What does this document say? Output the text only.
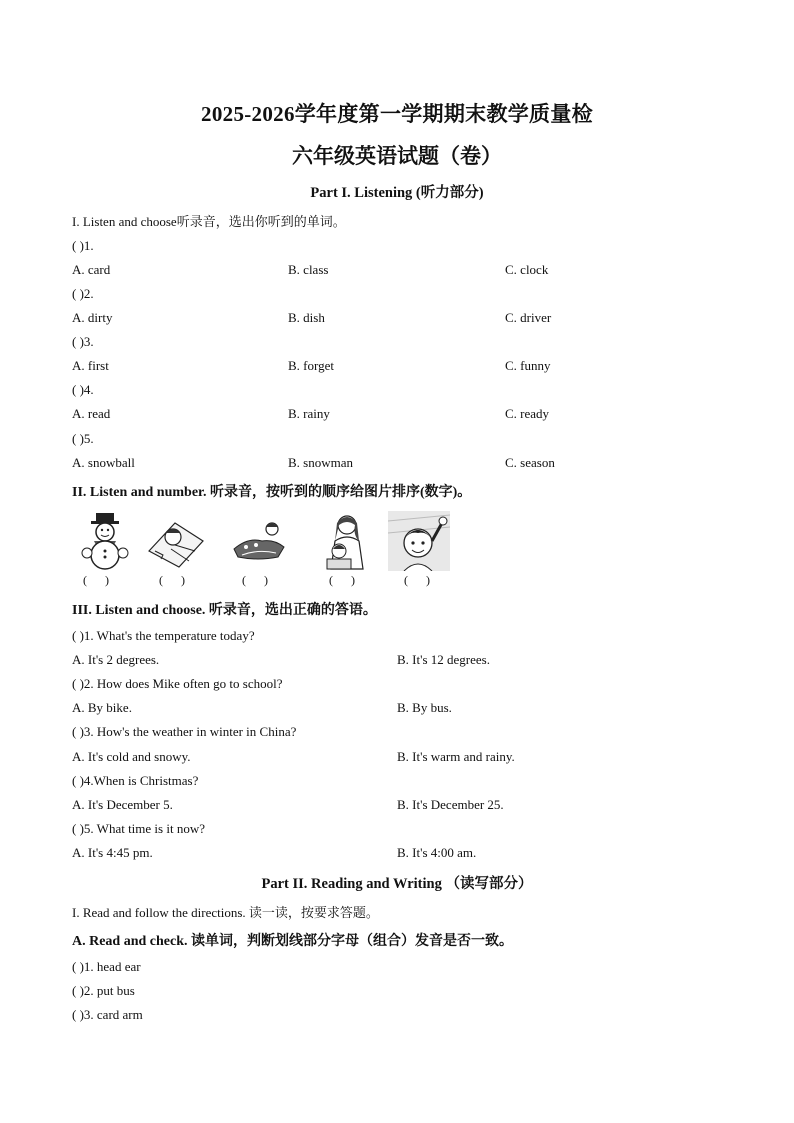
2025-2026学年度第一学期期末教学质量检
六年级英语试题（卷）
Part I. Listening (听力部分)
I. Listen and choose听录音，选出你听到的单词。
( )1.
A. card	B. class	C. clock
( )2.
A. dirty	B. dish	C. driver
( )3.
A. first	B. forget	C. funny
( )4.
A. read	B. rainy	C. ready
( )5.
A. snowball	B. snowman	C. season
II. Listen and number. 听录音，按听到的顺序给图片排序(数字)。
(      )	(      )	(      )	(      )	(      )
III. Listen and choose. 听录音，选出正确的答语。
( )1. What's the temperature today?
A. It's 2 degrees.	B. It's 12 degrees.
( )2. How does Mike often go to school?
A. By bike.	B. By bus.
( )3. How's the weather in winter in China?
A. It's cold and snowy.	B. It's warm and rainy.
( )4.When is Christmas?
A. It's December 5.	B. It's December 25.
( )5. What time is it now?
A. It's 4:45 pm.	B. It's 4:00 am.
Part II. Reading and Writing （读写部分）
I. Read and follow the directions. 读一读，按要求答题。
A. Read and check. 读单词，判断划线部分字母（组合）发音是否一致。
( )1. head ear
( )2. put bus
( )3. card arm
